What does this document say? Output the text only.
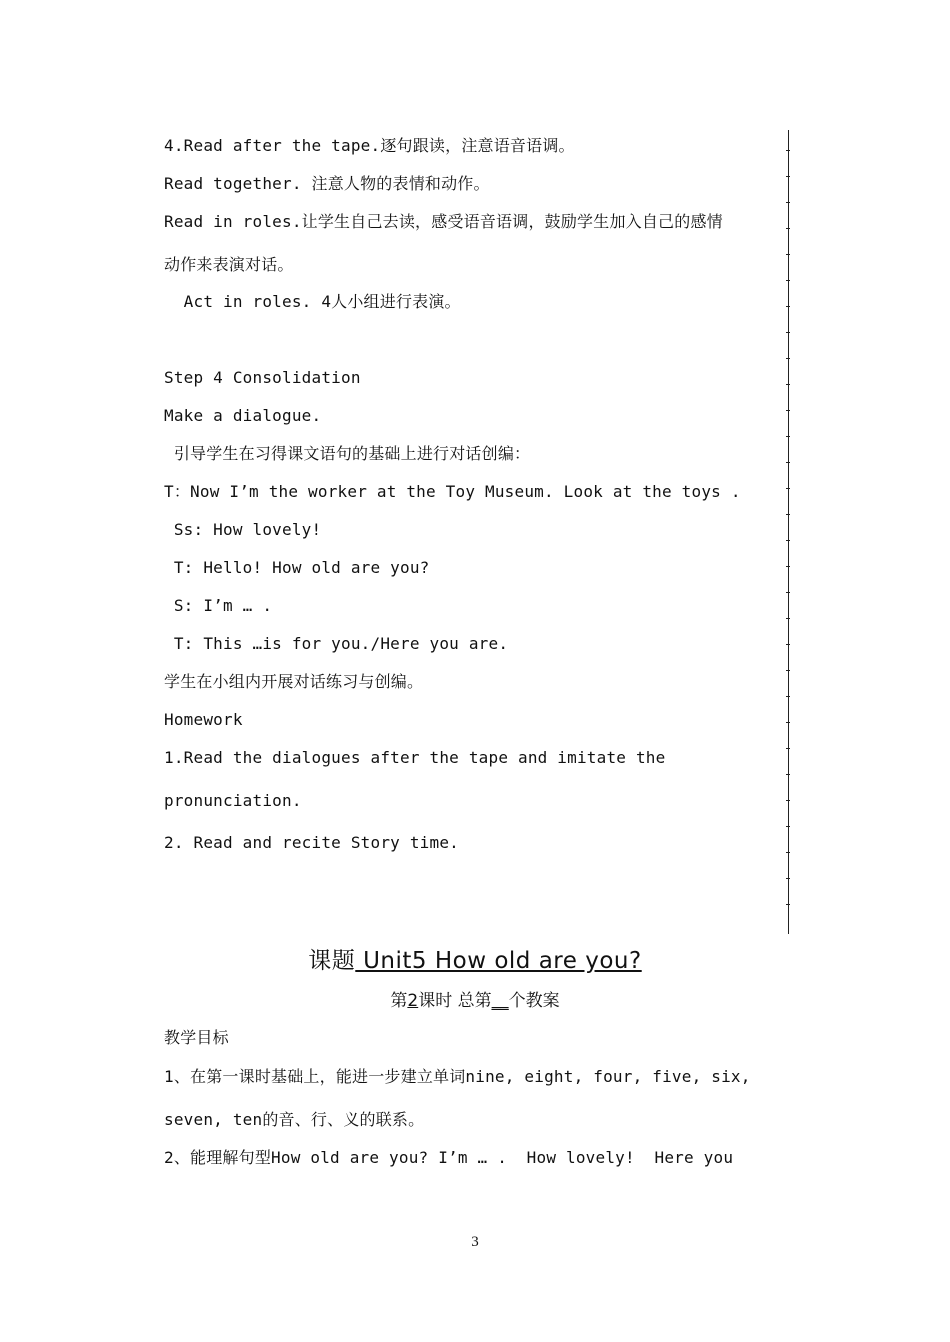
4.Read after the tape.逐句跟读，注意语音语调。
Read together. 注意人物的表情和动作。
Read in roles.让学生自己去读，感受语音语调，鼓励学生加入自己的感情
动作来表演对话。
Act in roles. 4人小组进行表演。
Step 4 Consolidation
Make a dialogue.
引导学生在习得课文语句的基础上进行对话创编：
T：Now I’m the worker at the Toy Museum. Look at the toys .
Ss: How lovely!
T: Hello! How old are you?
S: I’m … .
T: This …is for you./Here you are.
学生在小组内开展对话练习与创编。
Homework
1.Read the dialogues after the tape and imitate the
pronunciation.
2. Read and recite Story time.
课题 Unit5 How old are you?
第2课时 总第__个教案
教学目标
1、在第一课时基础上，能进一步建立单词nine, eight, four, five, six,
seven, ten的音、行、义的联系。
2、能理解句型How old are you? I’m … .  How lovely!  Here you
3
